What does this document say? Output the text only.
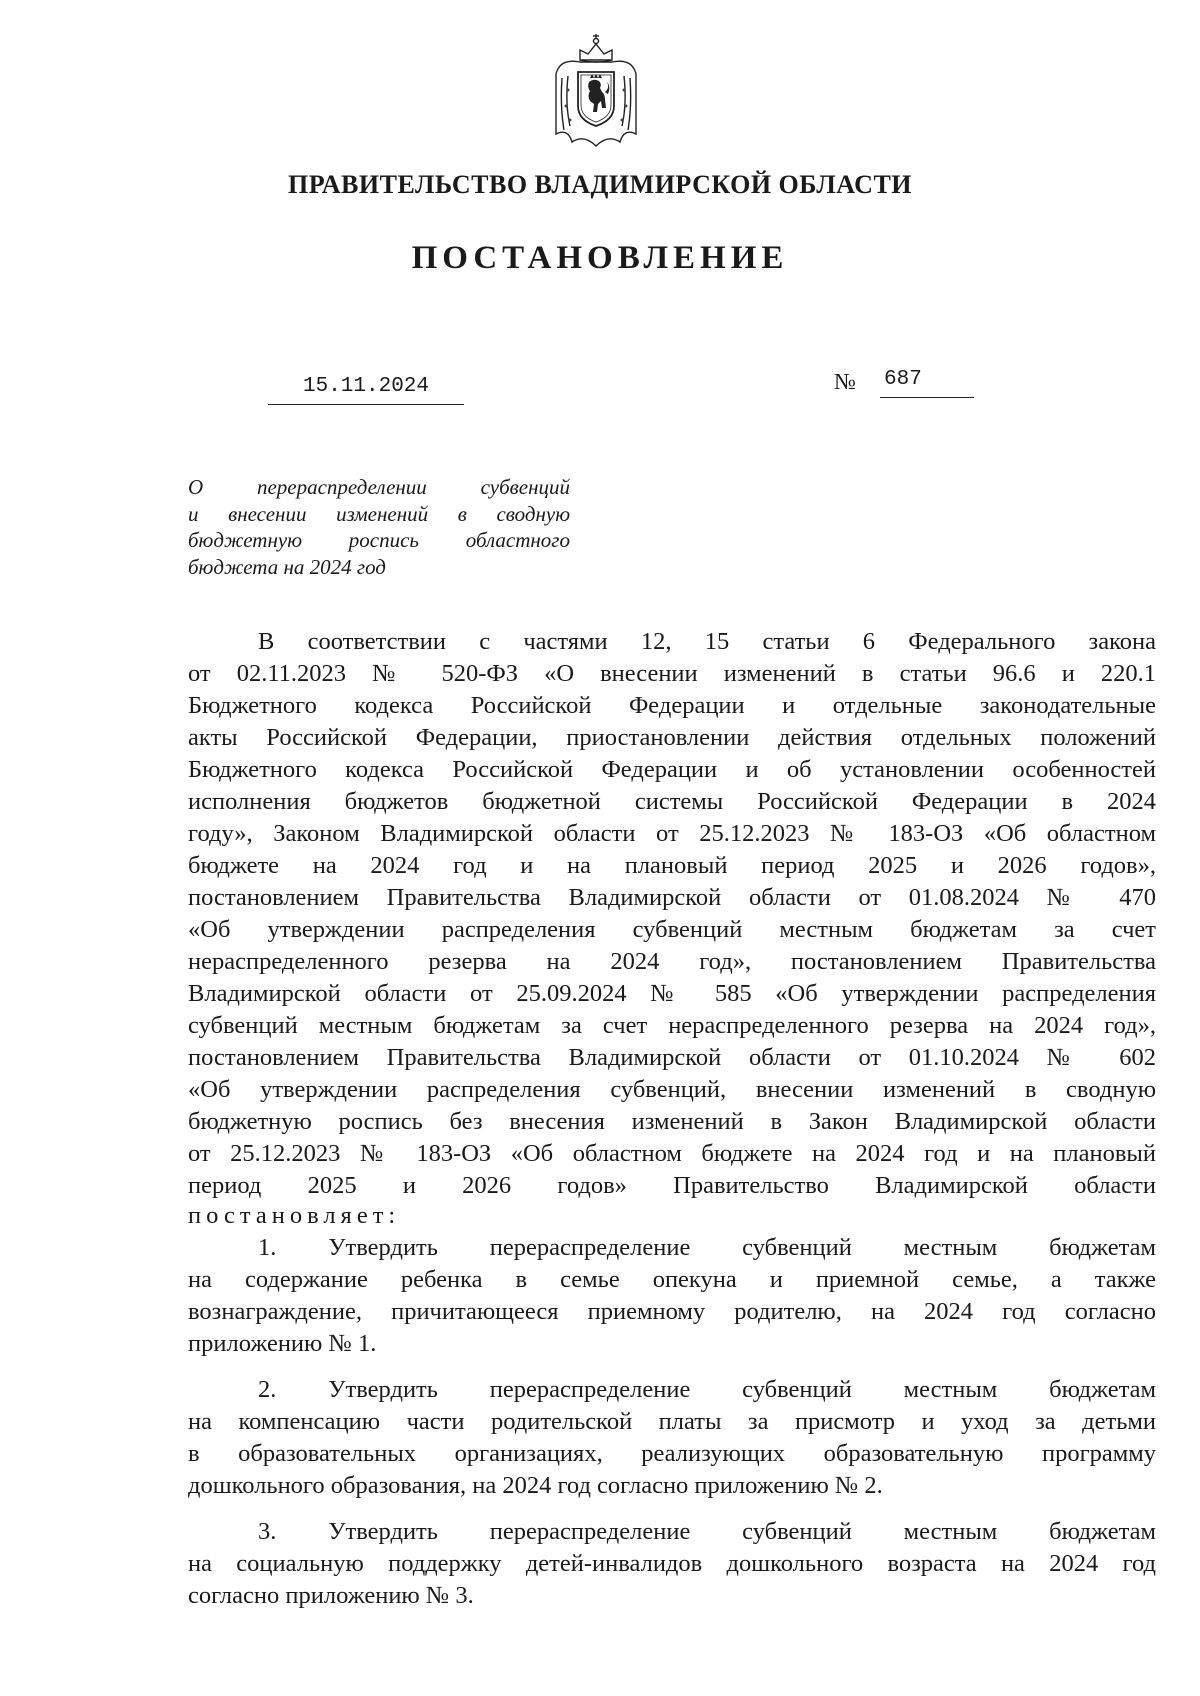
ПРАВИТЕЛЬСТВО ВЛАДИМИРСКОЙ ОБЛАСТИ
ПОСТАНОВЛЕНИЕ
15.11.2024	№ 687
О перераспределении субвенций
и внесении изменений в сводную
бюджетную роспись областного
бюджета на 2024 год
В соответствии с частями 12, 15 статьи 6 Федерального закона
от 02.11.2023 № 520-ФЗ «О внесении изменений в статьи 96.6 и 220.1
Бюджетного кодекса Российской Федерации и отдельные законодательные
акты Российской Федерации, приостановлении действия отдельных положений
Бюджетного кодекса Российской Федерации и об установлении особенностей
исполнения бюджетов бюджетной системы Российской Федерации в 2024
году», Законом Владимирской области от 25.12.2023 № 183-ОЗ «Об областном
бюджете на 2024 год и на плановый период 2025 и 2026 годов»,
постановлением Правительства Владимирской области от 01.08.2024 № 470
«Об утверждении распределения субвенций местным бюджетам за счет
нераспределенного резерва на 2024 год», постановлением Правительства
Владимирской области от 25.09.2024 № 585 «Об утверждении распределения
субвенций местным бюджетам за счет нераспределенного резерва на 2024 год»,
постановлением Правительства Владимирской области от 01.10.2024 № 602
«Об утверждении распределения субвенций, внесении изменений в сводную
бюджетную роспись без внесения изменений в Закон Владимирской области
от 25.12.2023 № 183-ОЗ «Об областном бюджете на 2024 год и на плановый
период 2025 и 2026 годов» Правительство Владимирской области
постановляет:
1. Утвердить перераспределение субвенций местным бюджетам
на содержание ребенка в семье опекуна и приемной семье, а также
вознаграждение, причитающееся приемному родителю, на 2024 год согласно
приложению № 1.
2. Утвердить перераспределение субвенций местным бюджетам
на компенсацию части родительской платы за присмотр и уход за детьми
в образовательных организациях, реализующих образовательную программу
дошкольного образования, на 2024 год согласно приложению № 2.
3. Утвердить перераспределение субвенций местным бюджетам
на социальную поддержку детей-инвалидов дошкольного возраста на 2024 год
согласно приложению № 3.
